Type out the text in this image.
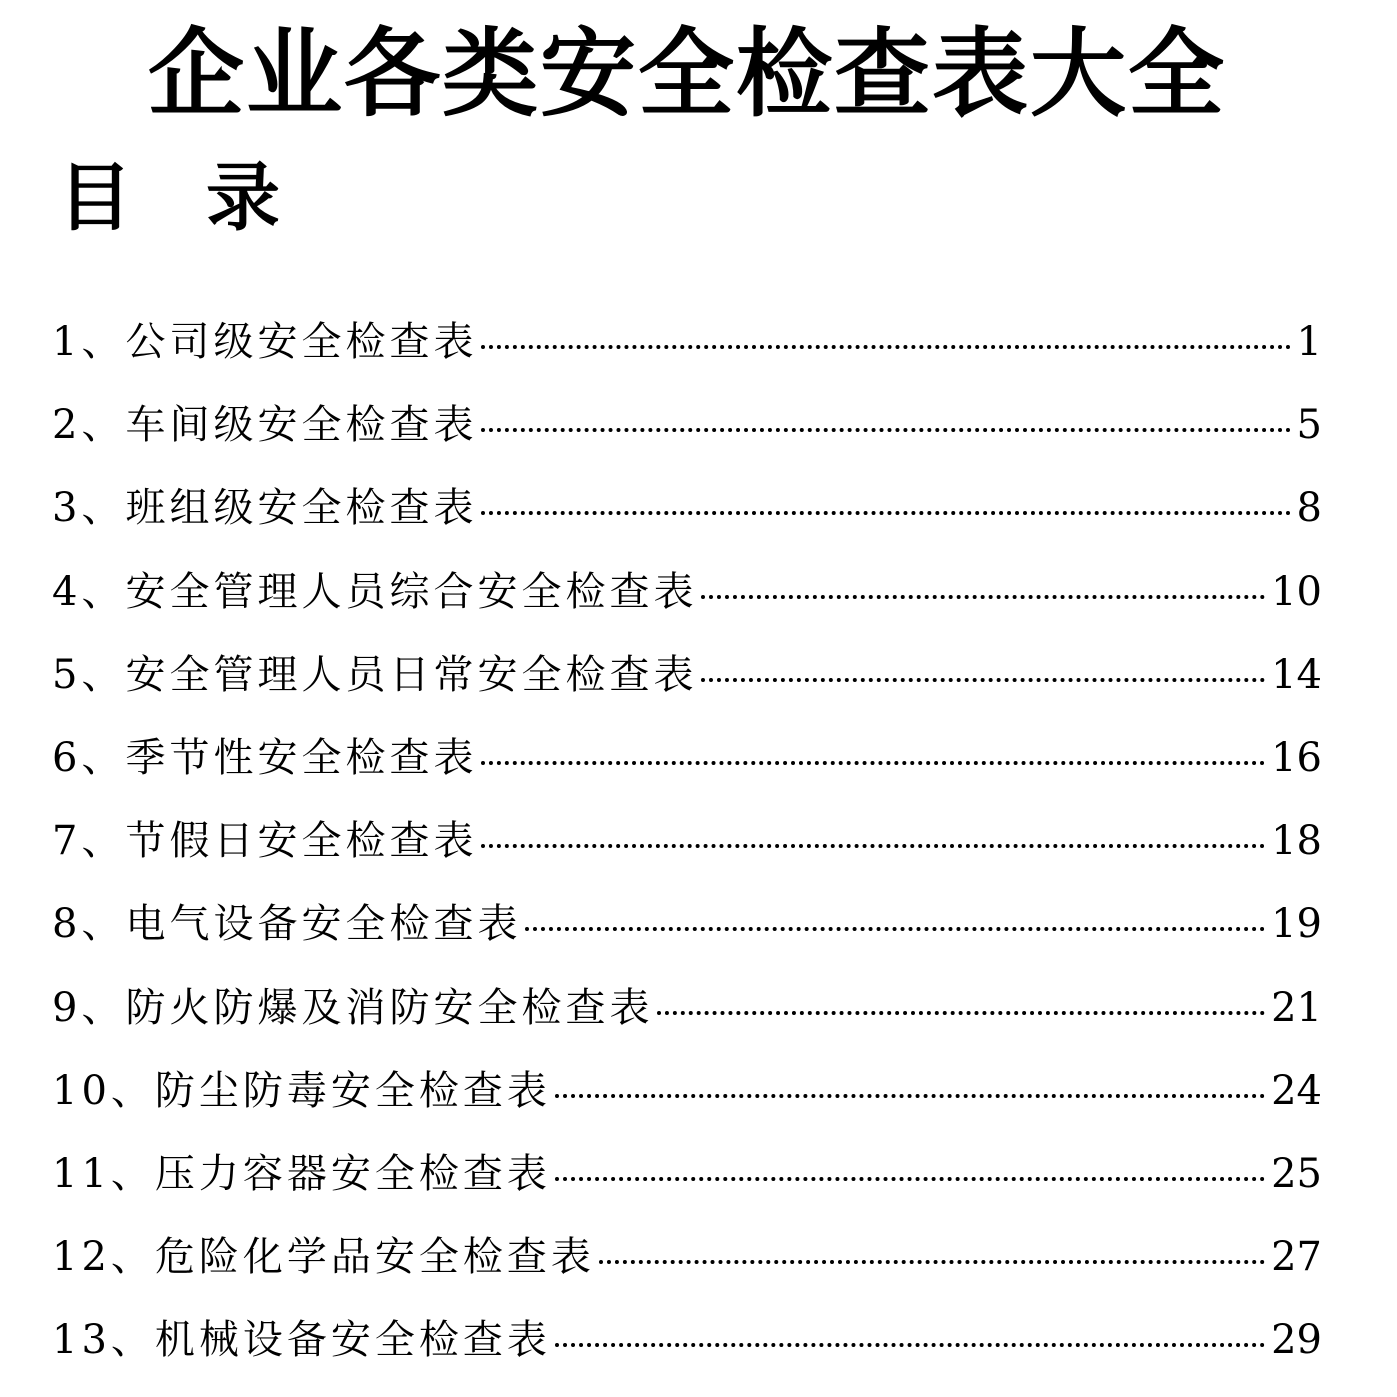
企业各类安全检查表大全
目 录
1、公司级安全检查表	1
2、车间级安全检查表	5
3、班组级安全检查表	8
4、安全管理人员综合安全检查表	10
5、安全管理人员日常安全检查表	14
6、季节性安全检查表	16
7、节假日安全检查表	18
8、电气设备安全检查表	19
9、防火防爆及消防安全检查表	21
10、防尘防毒安全检查表	24
11、压力容器安全检查表	25
12、危险化学品安全检查表	27
13、机械设备安全检查表	29
